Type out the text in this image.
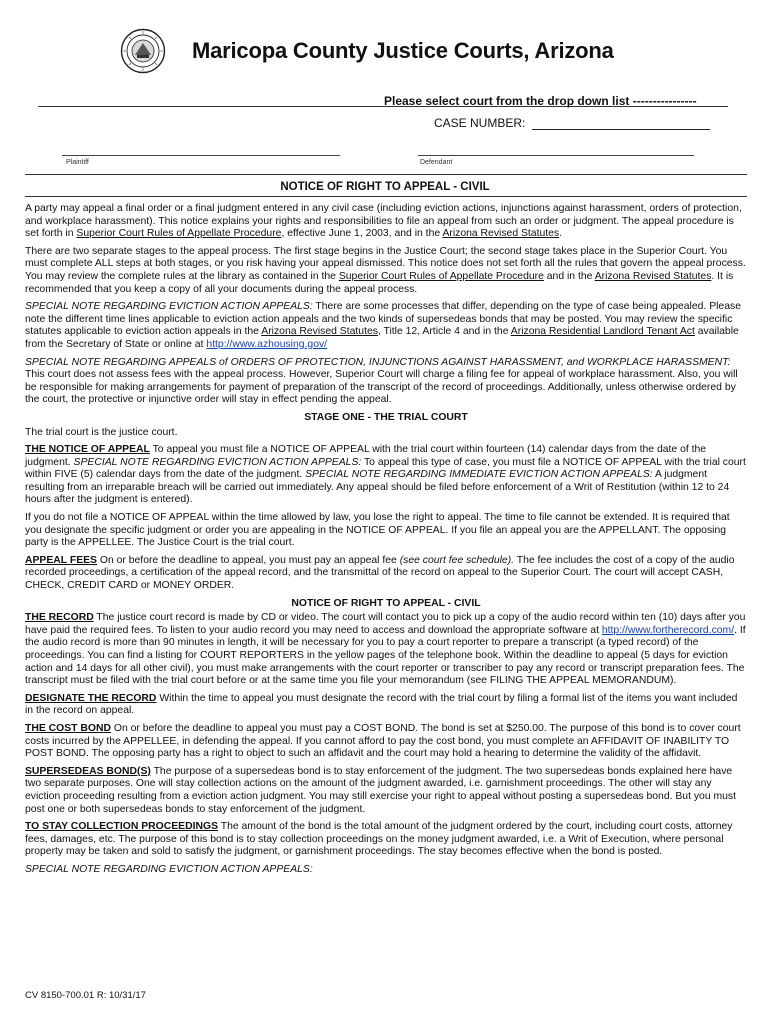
Maricopa County Justice Courts, Arizona
Please select court from the drop down list ----------------
CASE NUMBER:
Plaintiff	Defendant
NOTICE OF RIGHT TO APPEAL - CIVIL

A party may appeal a final order or a final judgment entered in any civil case (including eviction actions, injunctions against harassment, orders of protection, and workplace harassment). This notice explains your rights and responsibilities to file an appeal from such an order or judgment. The appeal procedure is set forth in Superior Court Rules of Appellate Procedure, effective June 1, 2003, and in the Arizona Revised Statutes.

There are two separate stages to the appeal process. The first stage begins in the Justice Court; the second stage takes place in the Superior Court. You must complete ALL steps at both stages, or you risk having your appeal dismissed. This notice does not set forth all the rules that govern the appeal process. You may review the complete rules at the library as contained in the Superior Court Rules of Appellate Procedure and in the Arizona Revised Statutes. It is recommended that you keep a copy of all your documents during the appeal process.

SPECIAL NOTE REGARDING EVICTION ACTION APPEALS: There are some processes that differ, depending on the type of case being appealed. Please note the different time lines applicable to eviction action appeals and the two kinds of supersedeas bonds that may be posted. You may review the specific statutes applicable to eviction action appeals in the Arizona Revised Statutes, Title 12, Article 4 and in the Arizona Residential Landlord Tenant Act available from the Secretary of State or online at http://www.azhousing.gov/

SPECIAL NOTE REGARDING APPEALS of ORDERS OF PROTECTION, INJUNCTIONS AGAINST HARASSMENT, and WORKPLACE HARASSMENT: This court does not assess fees with the appeal process. However, Superior Court will charge a filing fee for appeal of workplace harassment. Also, you will be responsible for making arrangements for payment of preparation of the transcript of the record of proceedings. Additionally, unless otherwise ordered by the court, the protective or injunctive order will stay in effect pending the appeal.

STAGE ONE - THE TRIAL COURT

The trial court is the justice court.

THE NOTICE OF APPEAL To appeal you must file a NOTICE OF APPEAL with the trial court within fourteen (14) calendar days from the date of the judgment. SPECIAL NOTE REGARDING EVICTION ACTION APPEALS: To appeal this type of case, you must file a NOTICE OF APPEAL with the trial court within FIVE (5) calendar days from the date of the judgment. SPECIAL NOTE REGARDING IMMEDIATE EVICTION ACTION APPEALS: A judgment resulting from an irreparable breach will be carried out immediately. Any appeal should be filed before enforcement of a Writ of Restitution (within 12 to 24 hours after the judgment is entered).

If you do not file a NOTICE OF APPEAL within the time allowed by law, you lose the right to appeal. The time to file cannot be extended. It is required that you designate the specific judgment or order you are appealing in the NOTICE OF APPEAL. If you file an appeal you are the APPELLANT. The opposing party is the APPELLEE. The Justice Court is the trial court.

APPEAL FEES On or before the deadline to appeal, you must pay an appeal fee (see court fee schedule). The fee includes the cost of a copy of the audio recorded proceedings, a certification of the appeal record, and the transmittal of the record on appeal to the Superior Court. The court will accept CASH, CHECK, CREDIT CARD or MONEY ORDER.

NOTICE OF RIGHT TO APPEAL - CIVIL

THE RECORD The justice court record is made by CD or video. The court will contact you to pick up a copy of the audio record within ten (10) days after you have paid the required fees. To listen to your audio record you may need to access and download the appropriate software at http://www.fortherecord.com/. If the audio record is more than 90 minutes in length, it will be necessary for you to pay a court reporter to prepare a transcript (a typed record) of the proceedings. You can find a listing for COURT REPORTERS in the yellow pages of the telephone book. Within the deadline to appeal (5 days for eviction action and 14 days for all other civil), you must make arrangements with the court reporter or transcriber to pay any record or transcript preparation fees. The transcript must be filed with the trial court before or at the same time you file your memorandum (see FILING THE APPEAL MEMORANDUM).

DESIGNATE THE RECORD Within the time to appeal you must designate the record with the trial court by filing a formal list of the items you want included in the record on appeal.

THE COST BOND On or before the deadline to appeal you must pay a COST BOND. The bond is set at $250.00. The purpose of this bond is to cover court costs incurred by the APPELLEE, in defending the appeal. If you cannot afford to pay the cost bond, you must complete an AFFIDAVIT OF INABILITY TO POST BOND. The opposing party has a right to object to such an affidavit and the court may hold a hearing to determine the validity of the affidavit.

SUPERSEDEAS BOND(S) The purpose of a supersedeas bond is to stay enforcement of the judgment. The two supersedeas bonds explained here have two separate purposes. One will stay collection actions on the amount of the judgment awarded, i.e. garnishment proceedings. The other will stay any eviction proceeding resulting from a eviction action judgment. You may still exercise your right to appeal without posting a supersedeas bond. But you must post one or both supersedeas bonds to stay enforcement of the judgment.

TO STAY COLLECTION PROCEEDINGS The amount of the bond is the total amount of the judgment ordered by the court, including court costs, attorney fees, damages, etc. The purpose of this bond is to stay collection proceedings on the money judgment awarded, i.e. a Writ of Execution, where personal property may be taken and sold to satisfy the judgment, or garnishment proceedings. The stay becomes effective when the bond is posted.

SPECIAL NOTE REGARDING EVICTION ACTION APPEALS:

CV 8150-700.01 R: 10/31/17
